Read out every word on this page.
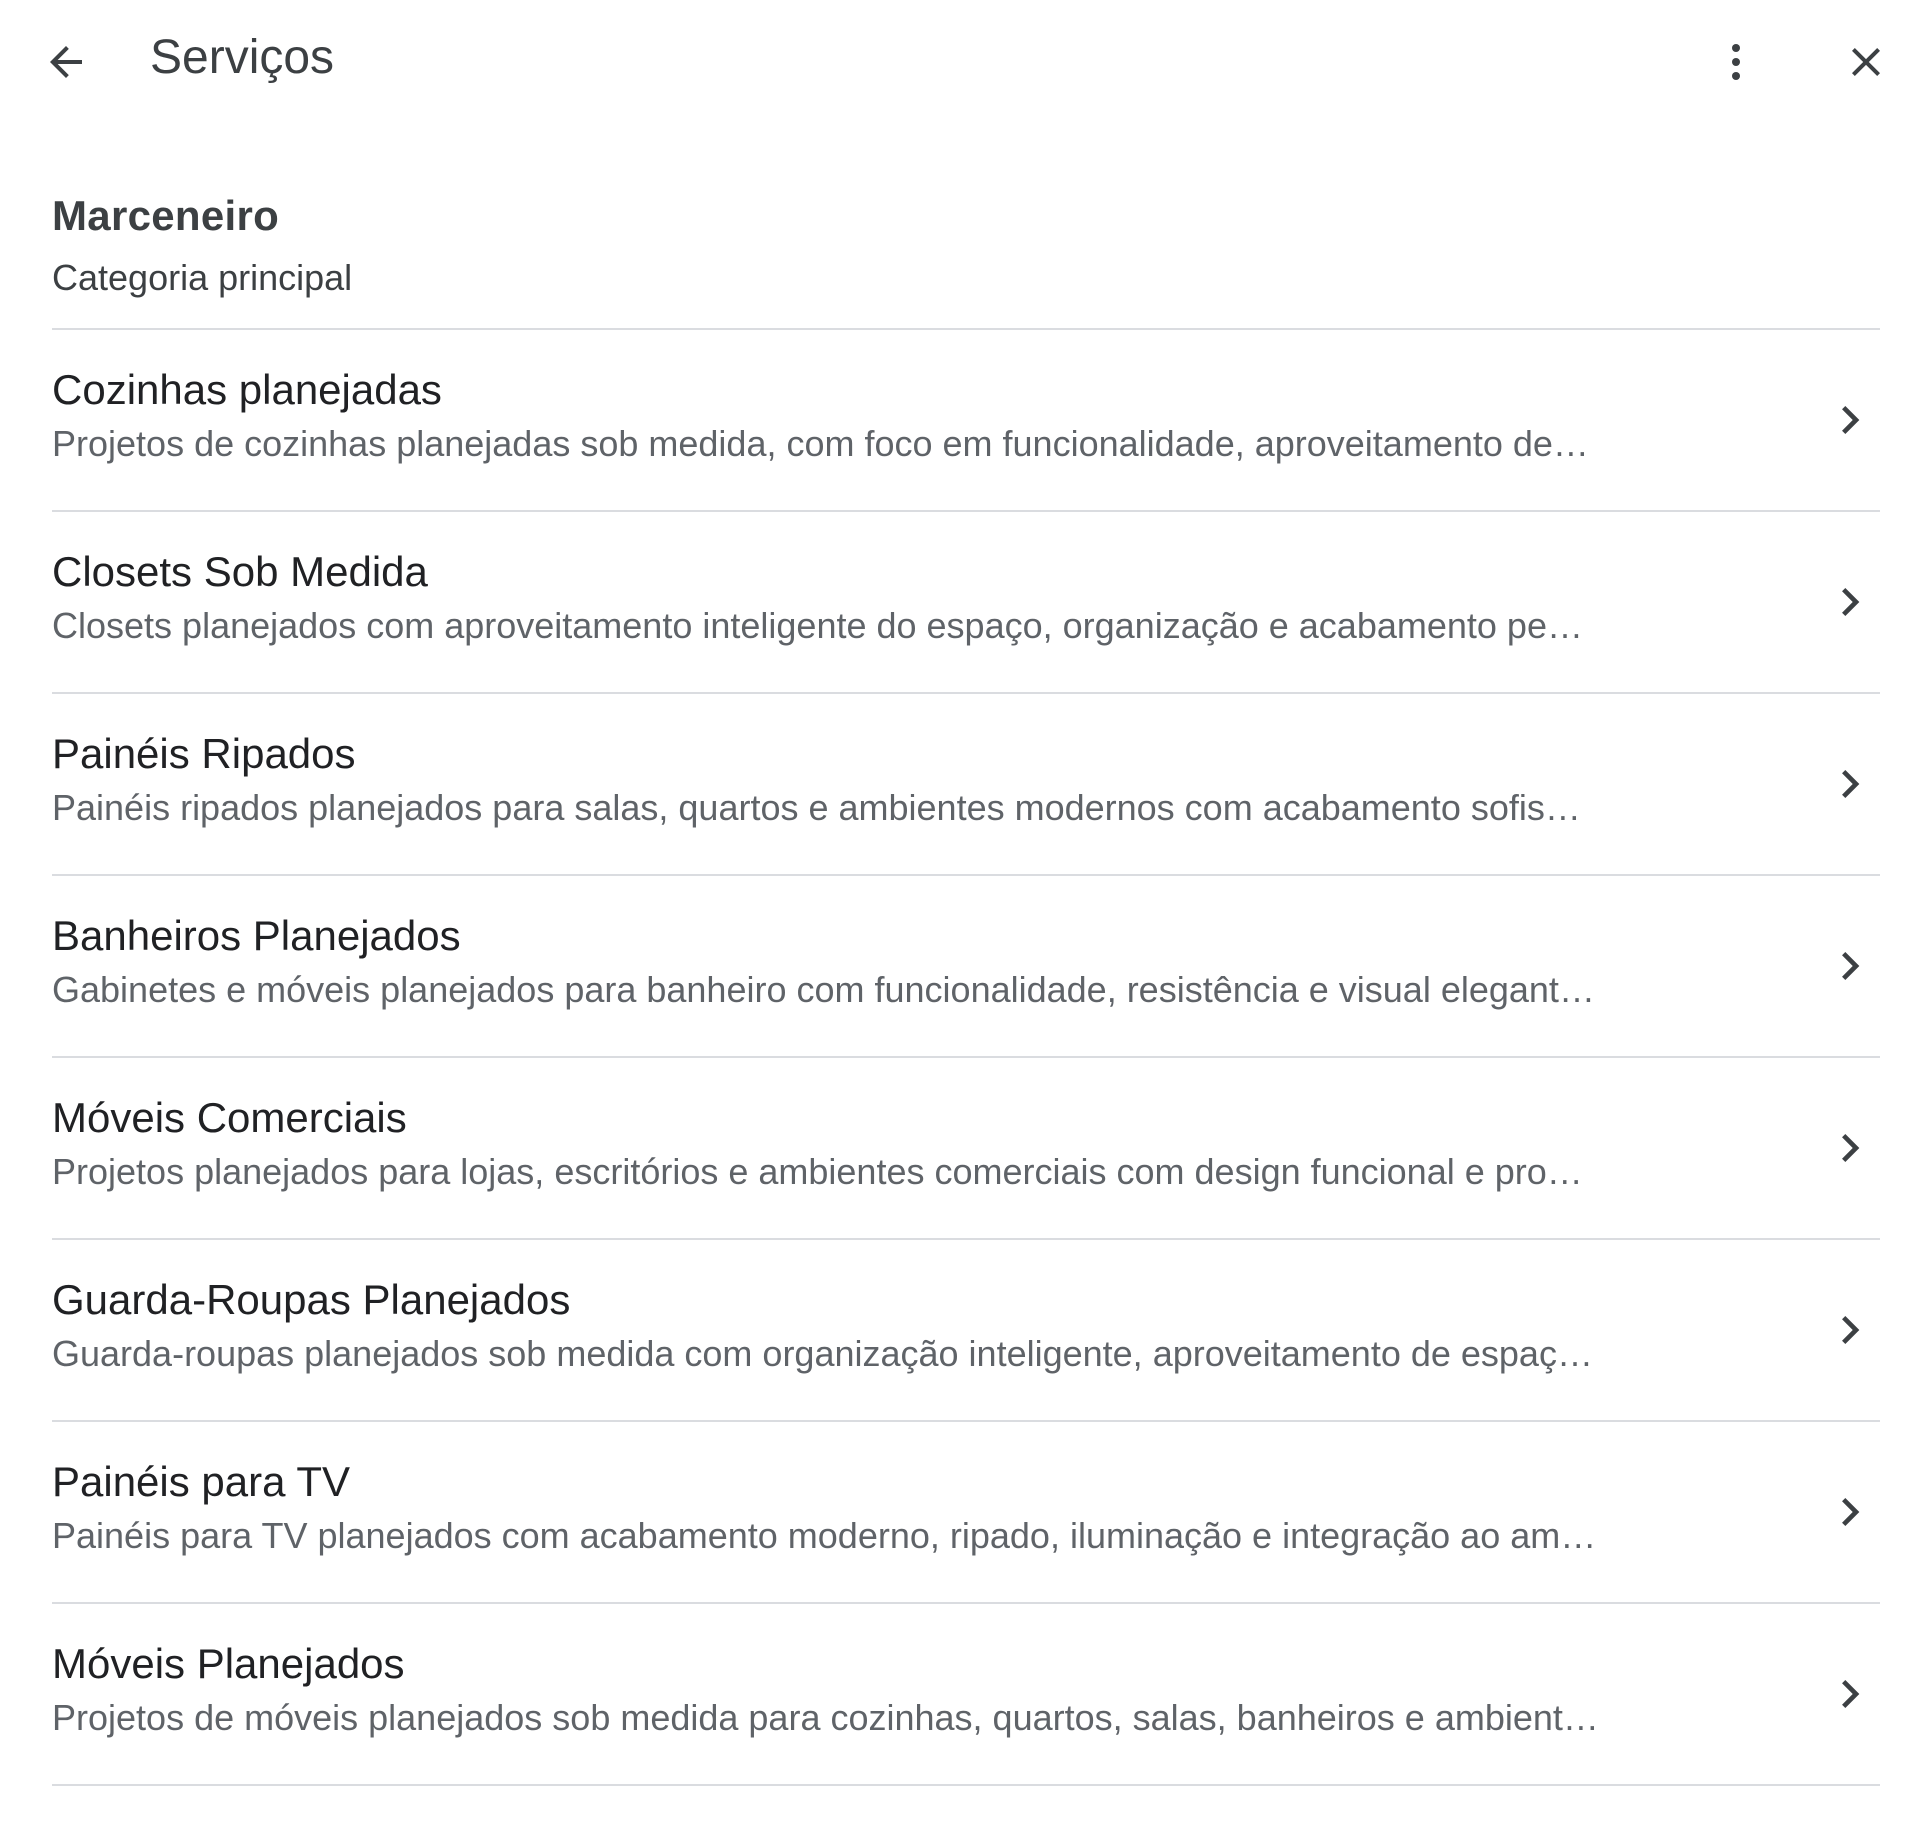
Serviços
Marceneiro
Categoria principal
Cozinhas planejadas
Projetos de cozinhas planejadas sob medida, com foco em funcionalidade, aproveitamento de…
Closets Sob Medida
Closets planejados com aproveitamento inteligente do espaço, organização e acabamento pe…
Painéis Ripados
Painéis ripados planejados para salas, quartos e ambientes modernos com acabamento sofis…
Banheiros Planejados
Gabinetes e móveis planejados para banheiro com funcionalidade, resistência e visual elegant…
Móveis Comerciais
Projetos planejados para lojas, escritórios e ambientes comerciais com design funcional e pro…
Guarda-Roupas Planejados
Guarda-roupas planejados sob medida com organização inteligente, aproveitamento de espaç…
Painéis para TV
Painéis para TV planejados com acabamento moderno, ripado, iluminação e integração ao am…
Móveis Planejados
Projetos de móveis planejados sob medida para cozinhas, quartos, salas, banheiros e ambient…
